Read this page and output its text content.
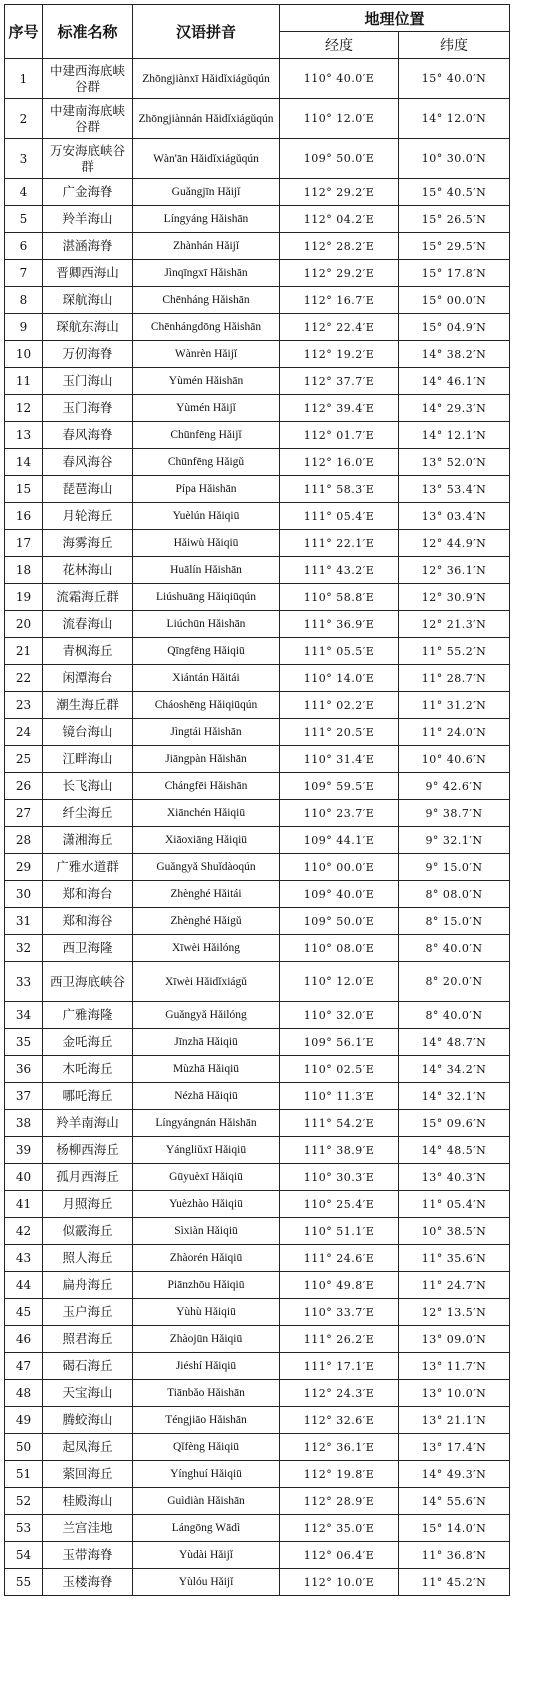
序号	标准名称	汉语拼音	地理位置	
			经度	纬度
1	中建西海底峡谷群	Zhōngjiànxī Hǎidǐxiágǔqún	110° 40.0′E	15° 40.0′N
2	中建南海底峡谷群	Zhōngjiànnán Hǎidǐxiágǔqún	110° 12.0′E	14° 12.0′N
3	万安海底峡谷群	Wàn'ān Hǎidǐxiágǔqún	109° 50.0′E	10° 30.0′N
4	广金海脊	Guǎngjīn Hǎijǐ	112° 29.2′E	15° 40.5′N
5	羚羊海山	Língyáng Hǎishān	112° 04.2′E	15° 26.5′N
6	湛涵海脊	Zhànhán Hǎijǐ	112° 28.2′E	15° 29.5′N
7	晋卿西海山	Jìnqīngxī Hǎishān	112° 29.2′E	15° 17.8′N
8	琛航海山	Chēnháng Hǎishān	112° 16.7′E	15° 00.0′N
9	琛航东海山	Chēnhángdōng Hǎishān	112° 22.4′E	15° 04.9′N
10	万仞海脊	Wànrèn Hǎijǐ	112° 19.2′E	14° 38.2′N
11	玉门海山	Yùmén Hǎishān	112° 37.7′E	14° 46.1′N
12	玉门海脊	Yùmén Hǎijǐ	112° 39.4′E	14° 29.3′N
13	春风海脊	Chūnfēng Hǎijǐ	112° 01.7′E	14° 12.1′N
14	春风海谷	Chūnfēng Hǎigǔ	112° 16.0′E	13° 52.0′N
15	琵琶海山	Pípa Hǎishān	111° 58.3′E	13° 53.4′N
16	月轮海丘	Yuèlún Hǎiqiū	111° 05.4′E	13° 03.4′N
17	海雾海丘	Hǎiwù Hǎiqiū	111° 22.1′E	12° 44.9′N
18	花林海山	Huālín Hǎishān	111° 43.2′E	12° 36.1′N
19	流霜海丘群	Liúshuāng Hǎiqiūqún	110° 58.8′E	12° 30.9′N
20	流春海山	Liúchūn Hǎishān	111° 36.9′E	12° 21.3′N
21	青枫海丘	Qīngfēng Hǎiqiū	111° 05.5′E	11° 55.2′N
22	闲潭海台	Xiántán Hǎitái	110° 14.0′E	11° 28.7′N
23	潮生海丘群	Cháoshēng Hǎiqiūqún	111° 02.2′E	11° 31.2′N
24	镜台海山	Jìngtái Hǎishān	111° 20.5′E	11° 24.0′N
25	江畔海山	Jiāngpàn Hǎishān	110° 31.4′E	10° 40.6′N
26	长飞海山	Chángfēi Hǎishān	109° 59.5′E	9° 42.6′N
27	纤尘海丘	Xiānchén Hǎiqiū	110° 23.7′E	9° 38.7′N
28	潇湘海丘	Xiāoxiāng Hǎiqiū	109° 44.1′E	9° 32.1′N
29	广雅水道群	Guǎngyǎ Shuǐdàoqún	110° 00.0′E	9° 15.0′N
30	郑和海台	Zhènghé Hǎitái	109° 40.0′E	8° 08.0′N
31	郑和海谷	Zhènghé Hǎigǔ	109° 50.0′E	8° 15.0′N
32	西卫海隆	Xīwèi Hǎilóng	110° 08.0′E	8° 40.0′N
33	西卫海底峡谷	Xīwèi Hǎidǐxiágǔ	110° 12.0′E	8° 20.0′N
34	广雅海隆	Guǎngyǎ Hǎilóng	110° 32.0′E	8° 40.0′N
35	金吒海丘	Jīnzhā Hǎiqiū	109° 56.1′E	14° 48.7′N
36	木吒海丘	Mùzhā Hǎiqiū	110° 02.5′E	14° 34.2′N
37	哪吒海丘	Nézhā Hǎiqiū	110° 11.3′E	14° 32.1′N
38	羚羊南海山	Língyángnán Hǎishān	111° 54.2′E	15° 09.6′N
39	杨柳西海丘	Yángliǔxī Hǎiqiū	111° 38.9′E	14° 48.5′N
40	孤月西海丘	Gūyuèxī Hǎiqiū	110° 30.3′E	13° 40.3′N
41	月照海丘	Yuèzhào Hǎiqiū	110° 25.4′E	11° 05.4′N
42	似霰海丘	Sìxiàn Hǎiqiū	110° 51.1′E	10° 38.5′N
43	照人海丘	Zhàorén Hǎiqiū	111° 24.6′E	11° 35.6′N
44	扁舟海丘	Piānzhōu Hǎiqiū	110° 49.8′E	11° 24.7′N
45	玉户海丘	Yùhù Hǎiqiū	110° 33.7′E	12° 13.5′N
46	照君海丘	Zhàojūn Hǎiqiū	111° 26.2′E	13° 09.0′N
47	碣石海丘	Jiéshí Hǎiqiū	111° 17.1′E	13° 11.7′N
48	天宝海山	Tiānbǎo Hǎishān	112° 24.3′E	13° 10.0′N
49	腾蛟海山	Téngjiāo Hǎishān	112° 32.6′E	13° 21.1′N
50	起凤海丘	Qǐfèng Hǎiqiū	112° 36.1′E	13° 17.4′N
51	萦回海丘	Yínghuí Hǎiqiū	112° 19.8′E	14° 49.3′N
52	桂殿海山	Guìdiàn Hǎishān	112° 28.9′E	14° 55.6′N
53	兰宫洼地	Lángōng Wādì	112° 35.0′E	15° 14.0′N
54	玉带海脊	Yùdài Hǎijǐ	112° 06.4′E	11° 36.8′N
55	玉楼海脊	Yùlóu Hǎijǐ	112° 10.0′E	11° 45.2′N
